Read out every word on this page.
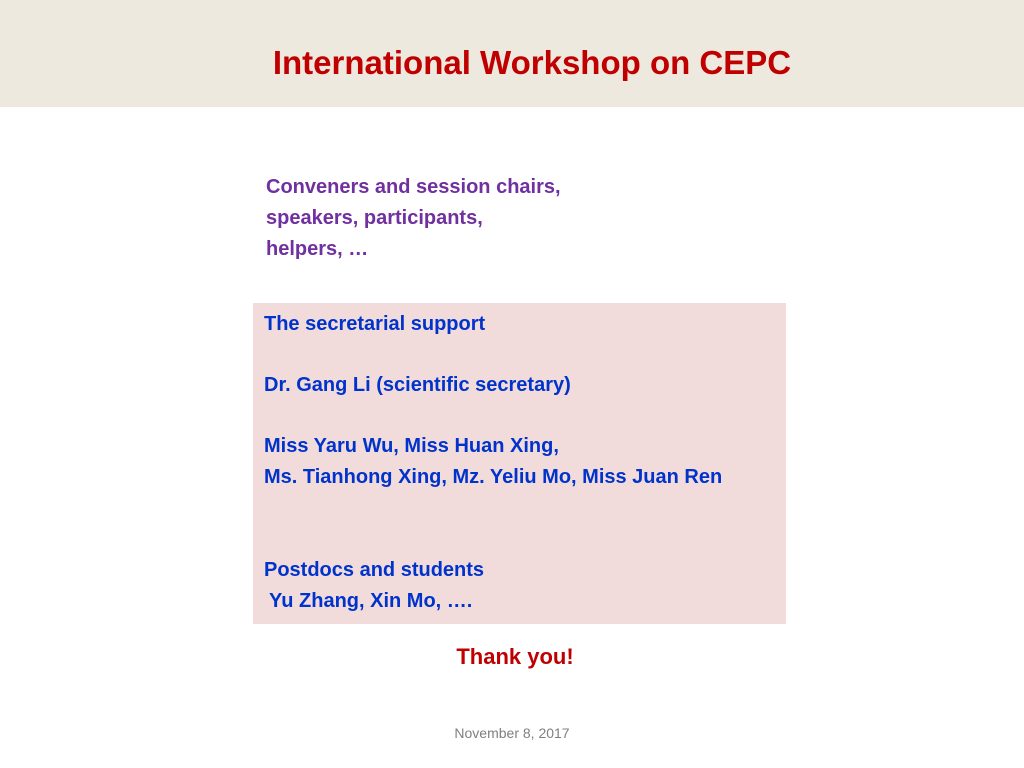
International Workshop on CEPC
Conveners and session chairs,
speakers, participants,
helpers, …
The secretarial support
Dr. Gang Li (scientific secretary)
Miss Yaru Wu, Miss Huan Xing,
Ms. Tianhong Xing, Mz. Yeliu Mo, Miss Juan Ren
Postdocs and students
Yu Zhang, Xin Mo, ….
Thank you!
November 8, 2017
